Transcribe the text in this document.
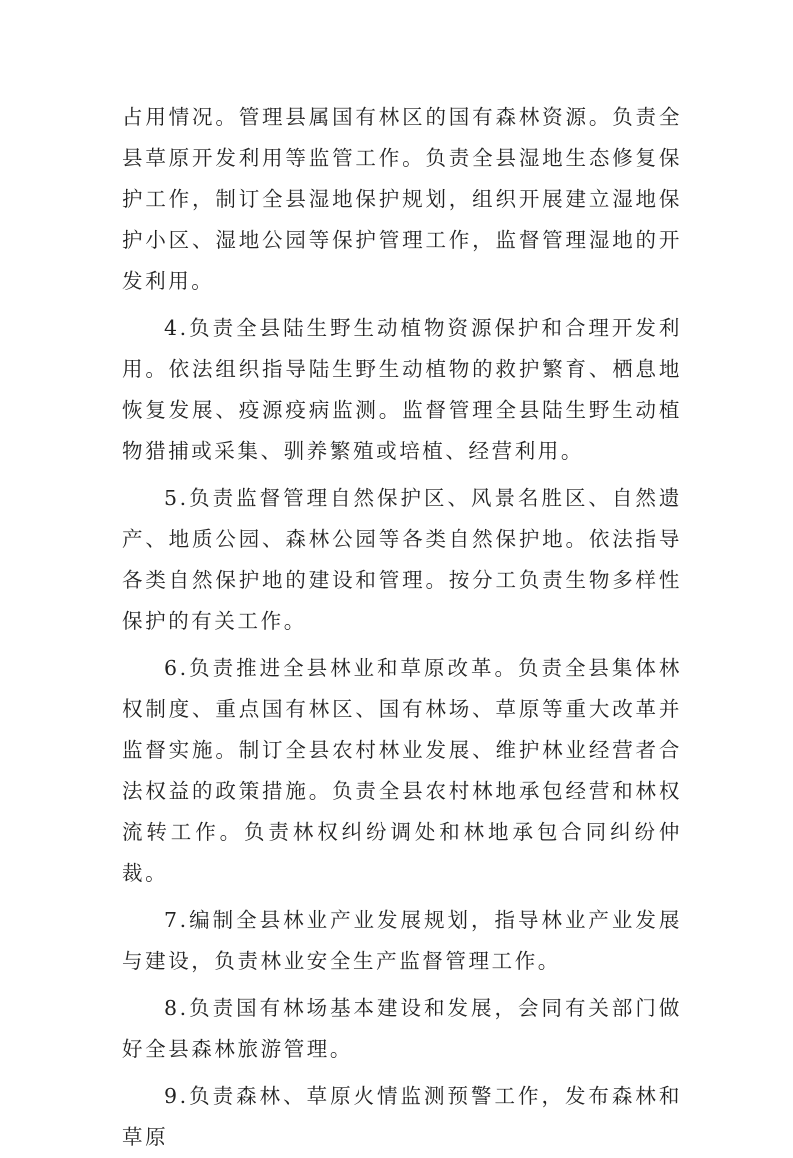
占用情况。管理县属国有林区的国有森林资源。负责全县草原开发利用等监管工作。负责全县湿地生态修复保护工作，制订全县湿地保护规划，组织开展建立湿地保护小区、湿地公园等保护管理工作，监督管理湿地的开发利用。

4.负责全县陆生野生动植物资源保护和合理开发利用。依法组织指导陆生野生动植物的救护繁育、栖息地恢复发展、疫源疫病监测。监督管理全县陆生野生动植物猎捕或采集、驯养繁殖或培植、经营利用。

5.负责监督管理自然保护区、风景名胜区、自然遗产、地质公园、森林公园等各类自然保护地。依法指导各类自然保护地的建设和管理。按分工负责生物多样性保护的有关工作。

6.负责推进全县林业和草原改革。负责全县集体林权制度、重点国有林区、国有林场、草原等重大改革并监督实施。制订全县农村林业发展、维护林业经营者合法权益的政策措施。负责全县农村林地承包经营和林权流转工作。负责林权纠纷调处和林地承包合同纠纷仲裁。

7.编制全县林业产业发展规划，指导林业产业发展与建设，负责林业安全生产监督管理工作。

8.负责国有林场基本建设和发展，会同有关部门做好全县森林旅游管理。

9.负责森林、草原火情监测预警工作，发布森林和草原
